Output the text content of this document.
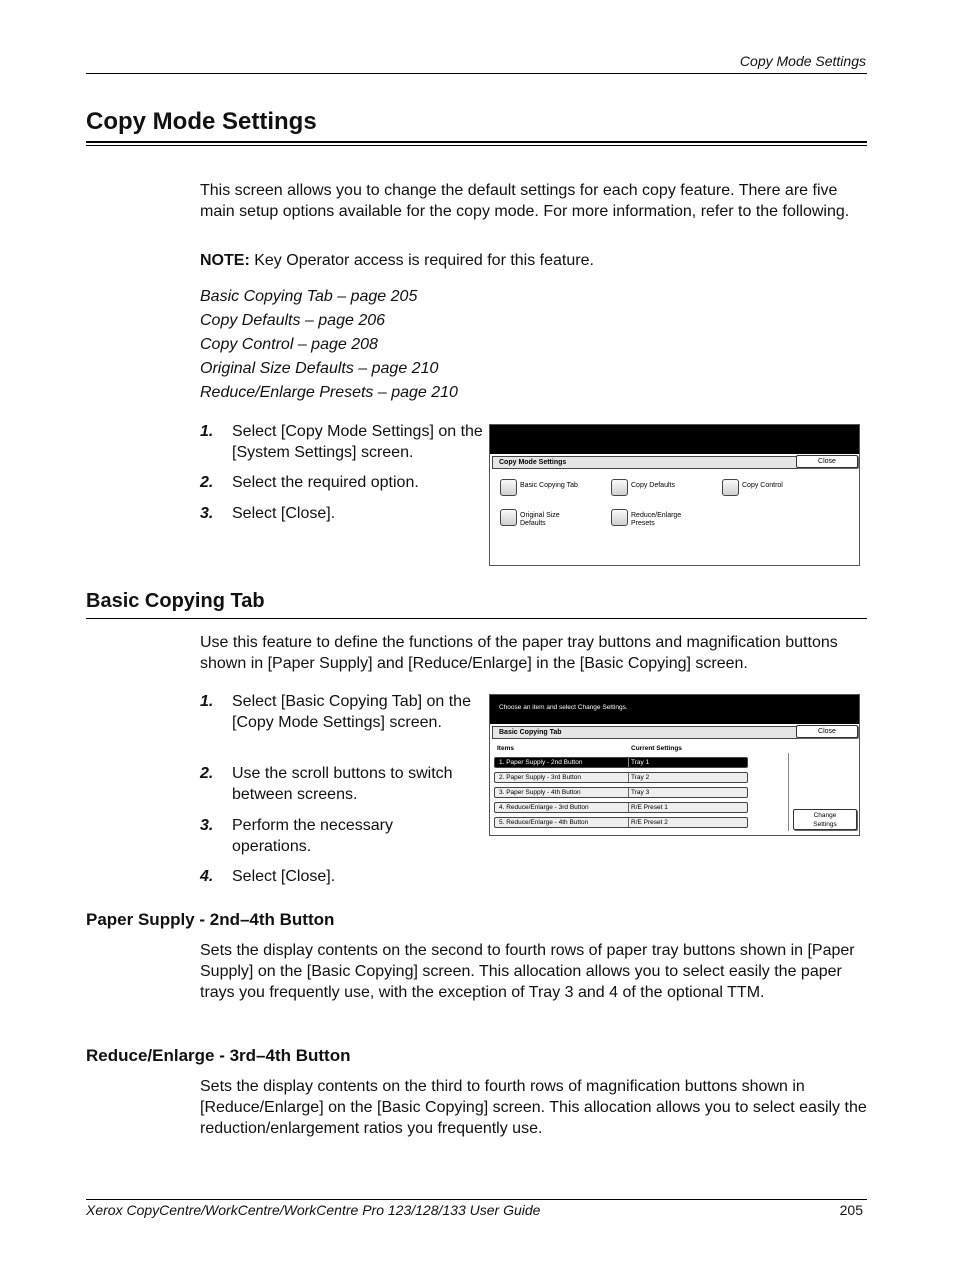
Copy Mode Settings
Copy Mode Settings
This screen allows you to change the default settings for each copy feature. There are five main setup options available for the copy mode. For more information, refer to the following.
NOTE: Key Operator access is required for this feature.
Basic Copying Tab – page 205
Copy Defaults – page 206
Copy Control – page 208
Original Size Defaults – page 210
Reduce/Enlarge Presets – page 210
1. Select [Copy Mode Settings] on the [System Settings] screen.
2. Select the required option.
3. Select [Close].
Copy Mode Settings	Close
Basic Copying Tab	Copy Defaults	Copy Control
Original Size Defaults
Reduce/Enlarge Presets
Basic Copying Tab
Use this feature to define the functions of the paper tray buttons and magnification buttons shown in [Paper Supply] and [Reduce/Enlarge] in the [Basic Copying] screen.
1. Select [Basic Copying Tab] on the [Copy Mode Settings] screen.
2. Use the scroll buttons to switch between screens.
3. Perform the necessary operations.
4. Select [Close].
Choose an item and select Change Settings.
Basic Copying Tab	Close
Items	Current Settings
1. Paper Supply - 2nd Button	Tray 1
2. Paper Supply - 3rd Button	Tray 2
3. Paper Supply - 4th Button	Tray 3
4. Reduce/Enlarge - 3rd Button	R/E Preset 1
5. Reduce/Enlarge - 4th Button	R/E Preset 2
Change
Settings
Paper Supply - 2nd–4th Button
Sets the display contents on the second to fourth rows of paper tray buttons shown in [Paper Supply] on the [Basic Copying] screen. This allocation allows you to select easily the paper trays you frequently use, with the exception of Tray 3 and 4 of the optional TTM.
Reduce/Enlarge - 3rd–4th Button
Sets the display contents on the third to fourth rows of magnification buttons shown in [Reduce/Enlarge] on the [Basic Copying] screen. This allocation allows you to select easily the reduction/enlargement ratios you frequently use.
Xerox CopyCentre/WorkCentre/WorkCentre Pro 123/128/133 User Guide	205
